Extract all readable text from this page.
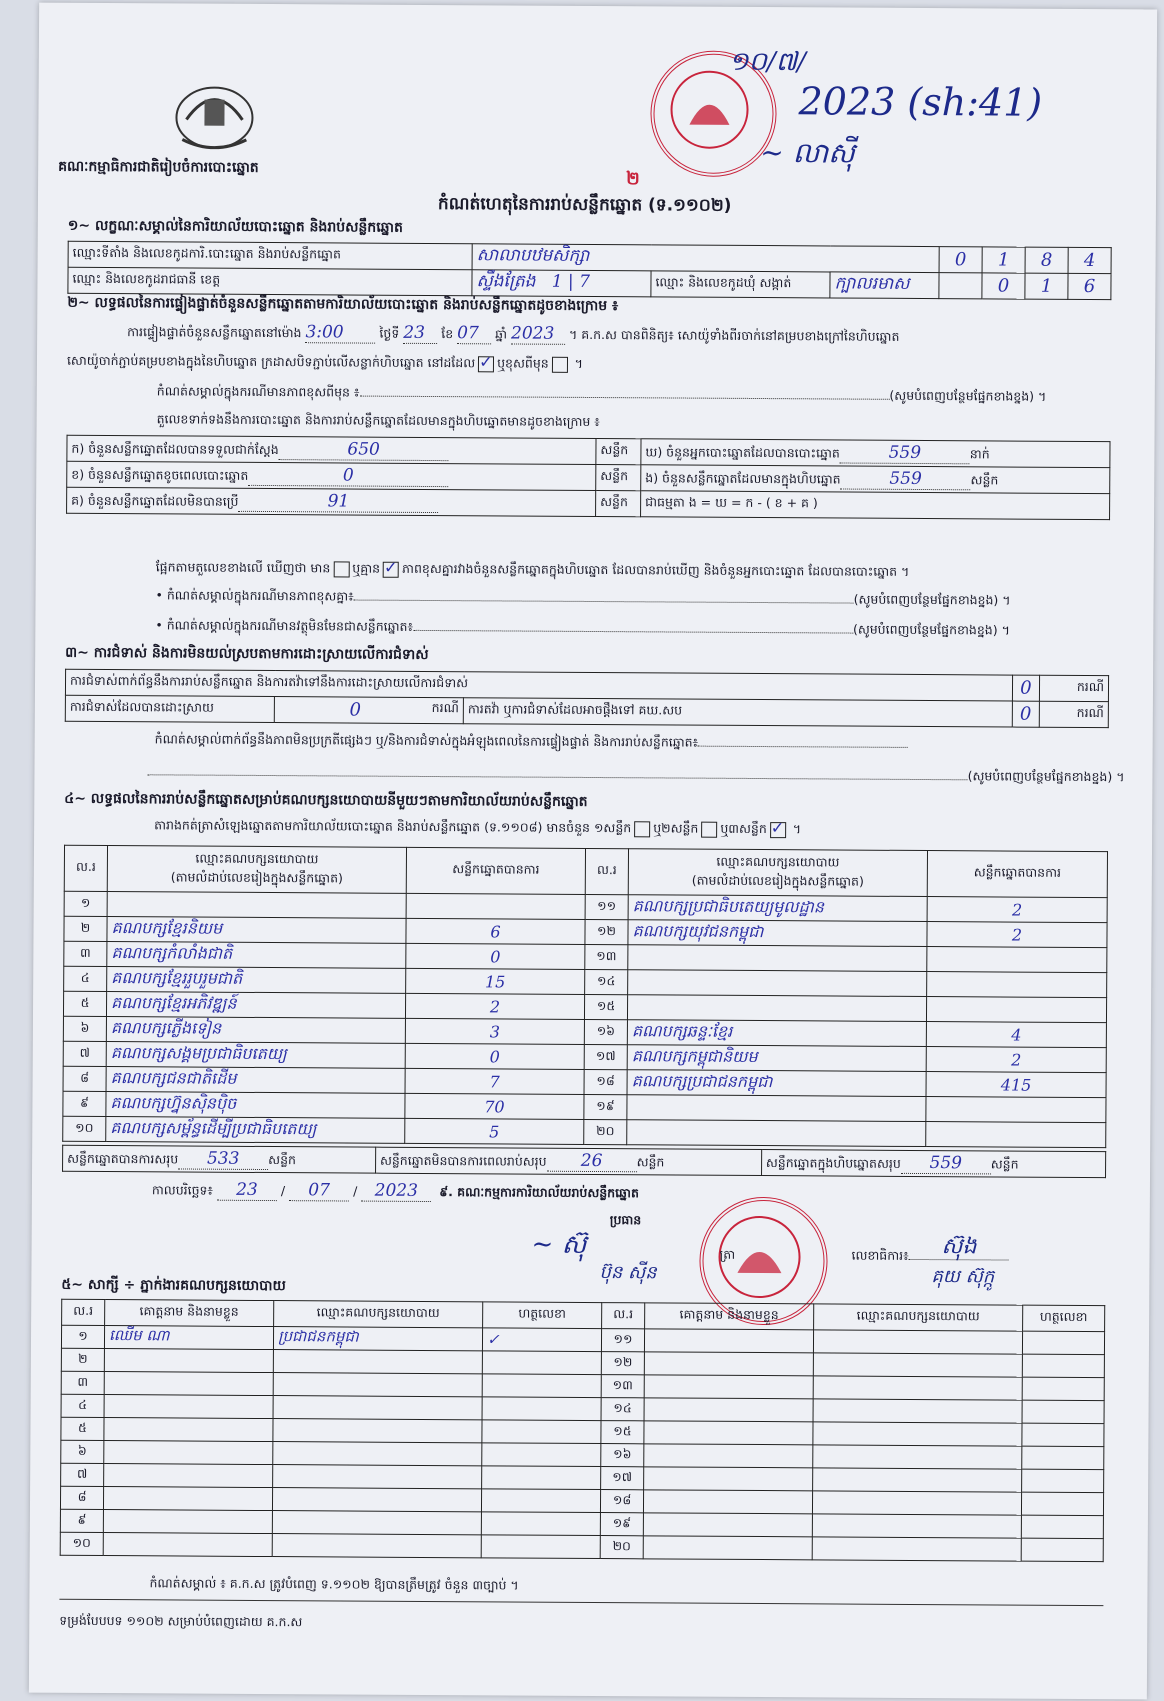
គណៈកម្មាធិការជាតិរៀបចំការបោះឆ្នោត
១០/៧/
2023 (sh:41)
~ លាស៊ី
២
កំណត់ហេតុនៃការរាប់សន្លឹកឆ្នោត (ទ.១១០២)
១~ លក្ខណៈសម្គាល់នៃការិយាល័យបោះឆ្នោត និងរាប់សន្លឹកឆ្នោត
ឈ្មោះទីតាំង និងលេខកូដការិ.បោះឆ្នោត និងរាប់សន្លឹកឆ្នោត	សាលាបឋមសិក្សា			0	1	8	4
ឈ្មោះ និងលេខកូដរាជធានី ខេត្ត	ស្ទឹងត្រែង 1 | 7	ឈ្មោះ និងលេខកូដឃុំ សង្កាត់	ក្បាលរមាស		0	1	6
២~ លទ្ធផលនៃការផ្ទៀងផ្ទាត់ចំនួនសន្លឹកឆ្នោតតាមការិយាល័យបោះឆ្នោត និងរាប់សន្លឹកឆ្នោតដូចខាងក្រោម ៖
ការផ្ទៀងផ្ទាត់ចំនួនសន្លឹកឆ្នោតនៅម៉ោង 3:00	ថ្ងៃទី 23 ខែ 07 ឆ្នាំ 2023 ។ គ.ក.ស បានពិនិត្យ៖ សោយ៉ូទាំងពីរចាក់នៅគម្របខាងក្រៅនៃហិបឆ្នោត
សោយ៉ូចាក់ភ្ជាប់គម្របខាងក្នុងនៃហិបឆ្នោត ក្រដាសបិទភ្ជាប់លើសន្លាក់ហិបឆ្នោត នៅដដែល ✓ ឬខុសពីមុន ។
កំណត់សម្គាល់ក្នុងករណីមានភាពខុសពីមុន ៖	(សូមបំពេញបន្ថែមផ្នែកខាងខ្នង) ។
តួលេខទាក់ទងនឹងការបោះឆ្នោត និងការរាប់សន្លឹកឆ្នោតដែលមានក្នុងហិបឆ្នោតមានដូចខាងក្រោម ៖
ក) ចំនួនសន្លឹកឆ្នោតដែលបានទទួលជាក់ស្ដែង 650	សន្លឹក	ឃ) ចំនួនអ្នកបោះឆ្នោតដែលបានបោះឆ្នោត 559 នាក់
ខ) ចំនួនសន្លឹកឆ្នោតខូចពេលបោះឆ្នោត 0	សន្លឹក	ង) ចំនួនសន្លឹកឆ្នោតដែលមានក្នុងហិបឆ្នោត 559 សន្លឹក
គ) ចំនួនសន្លឹកឆ្នោតដែលមិនបានប្រើ 91	សន្លឹក	ជាធម្មតា ង = ឃ = ក - ( ខ + គ )
ផ្អែកតាមតួលេខខាងលើ ឃើញថា មាន ឬគ្មាន ✓ ភាពខុសគ្នារវាងចំនួនសន្លឹកឆ្នោតក្នុងហិបឆ្នោត ដែលបានរាប់ឃើញ និងចំនួនអ្នកបោះឆ្នោត ដែលបានបោះឆ្នោត ។
• កំណត់សម្គាល់ក្នុងករណីមានភាពខុសគ្នា៖	(សូមបំពេញបន្ថែមផ្នែកខាងខ្នង) ។
• កំណត់សម្គាល់ក្នុងករណីមានវត្ថុមិនមែនជាសន្លឹកឆ្នោត៖	(សូមបំពេញបន្ថែមផ្នែកខាងខ្នង) ។
៣~ ការជំទាស់ និងការមិនយល់ស្របតាមការដោះស្រាយលើការជំទាស់
ការជំទាស់ពាក់ព័ន្ធនឹងការរាប់សន្លឹកឆ្នោត និងការតវ៉ាទៅនឹងការដោះស្រាយលើការជំទាស់			0	ករណី
ការជំទាស់ដែលបានដោះស្រាយ	0 ករណី	ការតវ៉ា ឬការជំទាស់ដែលអាចផ្ដឹងទៅ គឃ.សប	0	ករណី
កំណត់សម្គាល់ពាក់ព័ន្ធនឹងភាពមិនប្រក្រតីផ្សេងៗ ឬ/និងការជំទាស់ក្នុងអំឡុងពេលនៃការផ្ទៀងផ្ទាត់ និងការរាប់សន្លឹកឆ្នោត៖
(សូមបំពេញបន្ថែមផ្នែកខាងខ្នង) ។
៤~ លទ្ធផលនៃការរាប់សន្លឹកឆ្នោតសម្រាប់គណបក្សនយោបាយនីមួយៗតាមការិយាល័យរាប់សន្លឹកឆ្នោត
តារាងកត់ត្រាសំឡេងឆ្នោតតាមការិយាល័យបោះឆ្នោត និងរាប់សន្លឹកឆ្នោត (ទ.១១០៨) មានចំនួន ១សន្លឹក ឬ២សន្លឹក ឬ៣សន្លឹក✓ ។
ល.រ	ឈ្មោះគណបក្សនយោបាយ
(តាមលំដាប់លេខរៀងក្នុងសន្លឹកឆ្នោត)	សន្លឹកឆ្នោតបានការ	ល.រ	ឈ្មោះគណបក្សនយោបាយ
(តាមលំដាប់លេខរៀងក្នុងសន្លឹកឆ្នោត)	សន្លឹកឆ្នោតបានការ
១			១១	គណបក្សប្រជាធិបតេយ្យមូលដ្ឋាន	2
២	គណបក្សខ្មែរនិយម	6	១២	គណបក្សយុវជនកម្ពុជា	2
៣	គណបក្សកំលាំងជាតិ	0	១៣		
៤	គណបក្សខ្មែររួបរួមជាតិ	15	១៤		
៥	គណបក្សខ្មែរអភិវឌ្ឍន៍	2	១៥		
៦	គណបក្សភ្លើងទៀន	3	១៦	គណបក្សឆន្ទៈខ្មែរ	4
៧	គណបក្សសង្គមប្រជាធិបតេយ្យ	0	១៧	គណបក្សកម្ពុជានិយម	2
៨	គណបក្សជនជាតិដើម	7	១៨	គណបក្សប្រជាជនកម្ពុជា	415
៩	គណបក្សហ្វ៊ុនស៊ិនប៉ិច	70	១៩		
១០	គណបក្សសម្ព័ន្ធដើម្បីប្រជាធិបតេយ្យ	5	២០		
សន្លឹកឆ្នោតបានការសរុប 533 សន្លឹក	សន្លឹកឆ្នោតមិនបានការពេលរាប់សរុប 26	សន្លឹក	សន្លឹកឆ្នោតក្នុងហិបឆ្នោតសរុប 559 សន្លឹក
កាលបរិច្ឆេទ៖ 23 / 07 / 2023 ៩. គណៈកម្មការការិយាល័យរាប់សន្លឹកឆ្នោត
ប្រធាន
~ ស៊ុ
ប៊ុន ស៊ីន
ត្រា	លេខាធិការ៖	ស៊ុង
គុយ ស៊ុក្កូ
៥~ សាក្សី ÷ ភ្នាក់ងារគណបក្សនយោបាយ
ល.រ	គោត្តនាម និងនាមខ្លួន	ឈ្មោះគណបក្សនយោបាយ	ហត្ថលេខា	ល.រ	គោត្តនាម និងនាមខ្លួន	ឈ្មោះគណបក្សនយោបាយ	ហត្ថលេខា
១	ឈើម ណា	ប្រជាជនកម្ពុជា	✓	១១			
២				១២			
៣				១៣			
៤				១៤			
៥				១៥			
៦				១៦			
៧				១៧			
៨				១៨			
៩				១៩			
១០				២០			
កំណត់សម្គាល់ ៖ គ.ក.ស ត្រូវបំពេញ ទ.១១០២ ឱ្យបានត្រឹមត្រូវ ចំនួន ៣ច្បាប់ ។
ទម្រង់បែបបទ ១១០២ សម្រាប់បំពេញដោយ គ.ក.ស
